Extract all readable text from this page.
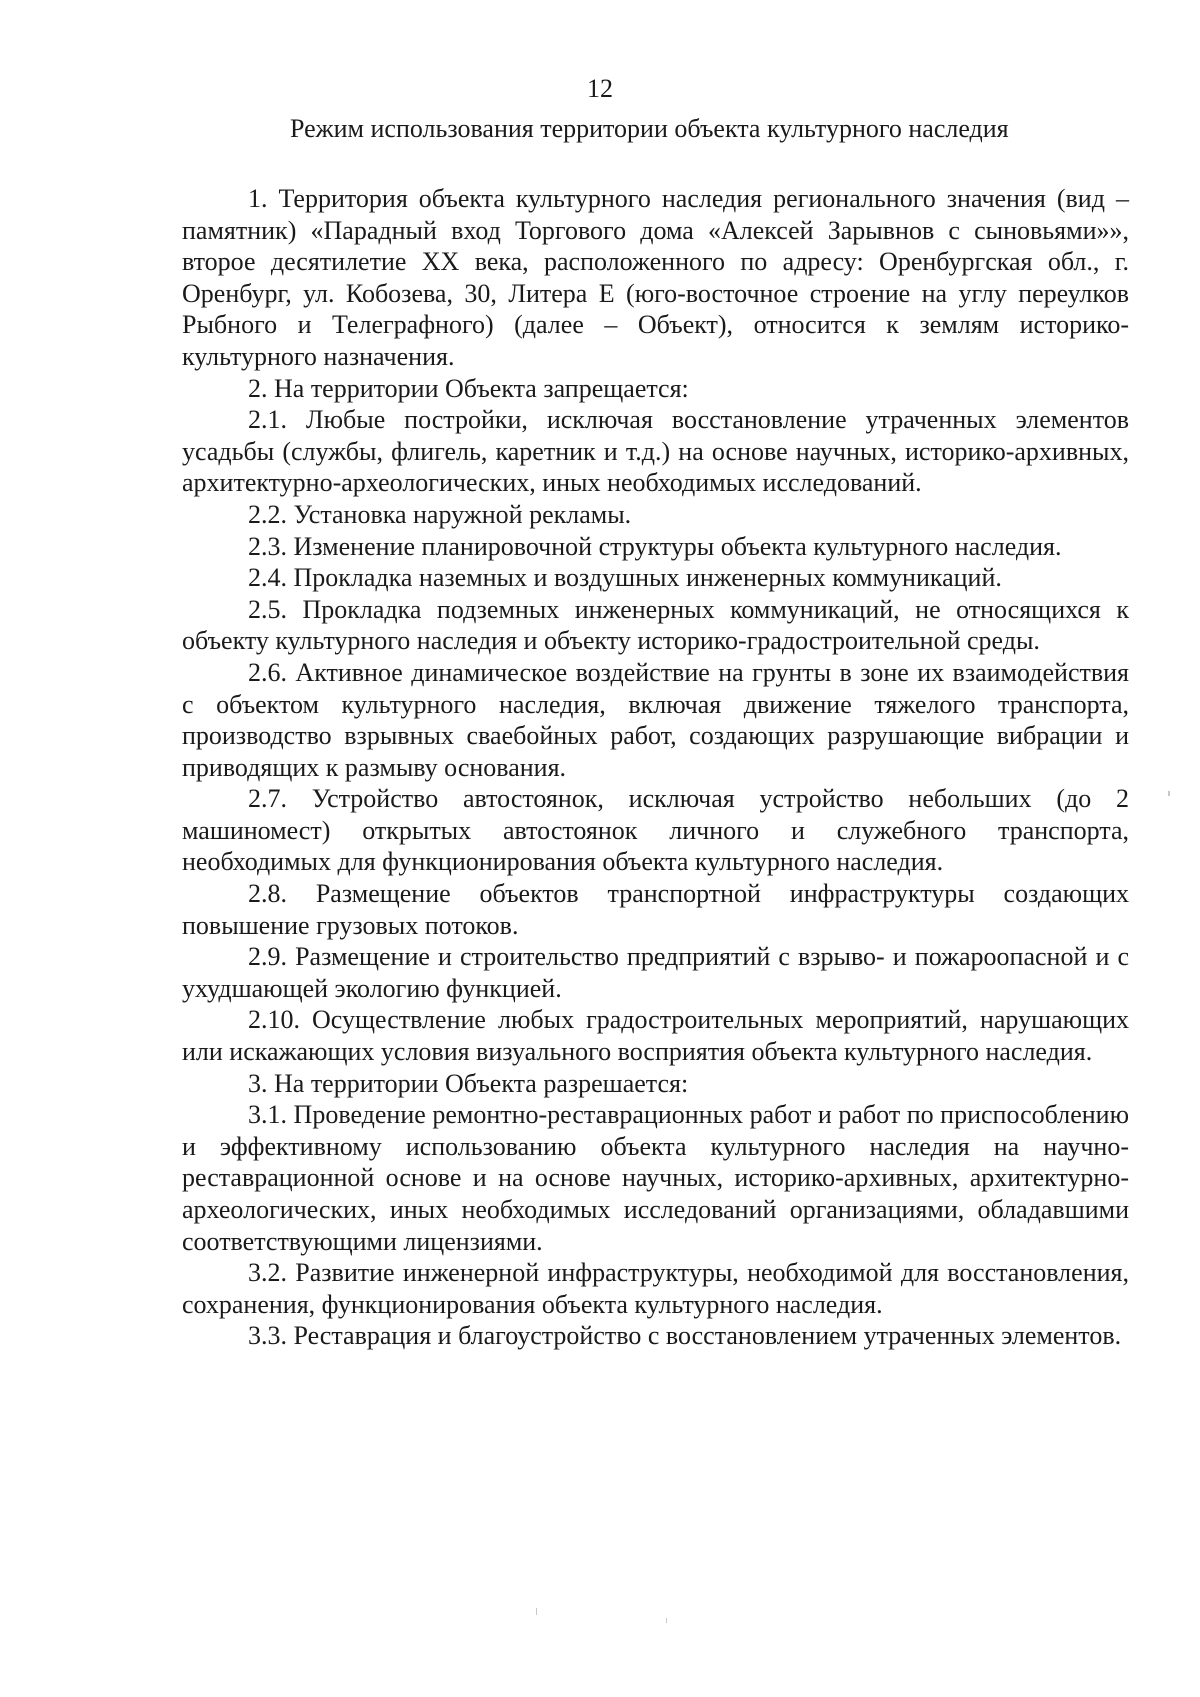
12
Режим использования территории объекта культурного наследия

1. Территория объекта культурного наследия регионального значения (вид – памятник) «Парадный вход Торгового дома «Алексей Зарывнов с сыновьями»», второе десятилетие XX века, расположенного по адресу: Оренбургская обл., г. Оренбург, ул. Кобозева, 30, Литера Е (юго-восточное строение на углу переулков Рыбного и Телеграфного) (далее – Объект), относится к землям историко-культурного назначения.

2. На территории Объекта запрещается:

2.1. Любые постройки, исключая восстановление утраченных элементов усадьбы (службы, флигель, каретник и т.д.) на основе научных, историко-архивных, архитектурно-археологических, иных необходимых исследований.

2.2. Установка наружной рекламы.

2.3. Изменение планировочной структуры объекта культурного наследия.

2.4. Прокладка наземных и воздушных инженерных коммуникаций.

2.5. Прокладка подземных инженерных коммуникаций, не относящихся к объекту культурного наследия и объекту историко-градостроительной среды.

2.6. Активное динамическое воздействие на грунты в зоне их взаимодействия с объектом культурного наследия, включая движение тяжелого транспорта, производство взрывных сваебойных работ, создающих разрушающие вибрации и приводящих к размыву основания.

2.7. Устройство автостоянок, исключая устройство небольших (до 2 машиномест) открытых автостоянок личного и служебного транспорта, необходимых для функционирования объекта культурного наследия.

2.8. Размещение объектов транспортной инфраструктуры создающих повышение грузовых потоков.

2.9. Размещение и строительство предприятий с взрыво- и пожароопасной и с ухудшающей экологию функцией.

2.10. Осуществление любых градостроительных мероприятий, нарушающих или искажающих условия визуального восприятия объекта культурного наследия.

3. На территории Объекта разрешается:

3.1. Проведение ремонтно-реставрационных работ и работ по приспособлению и эффективному использованию объекта культурного наследия на научно-реставрационной основе и на основе научных, историко-архивных, архитектурно-археологических, иных необходимых исследований организациями, обладавшими соответствующими лицензиями.

3.2. Развитие инженерной инфраструктуры, необходимой для восстановления, сохранения, функционирования объекта культурного наследия.

3.3. Реставрация и благоустройство с восстановлением утраченных элементов.
